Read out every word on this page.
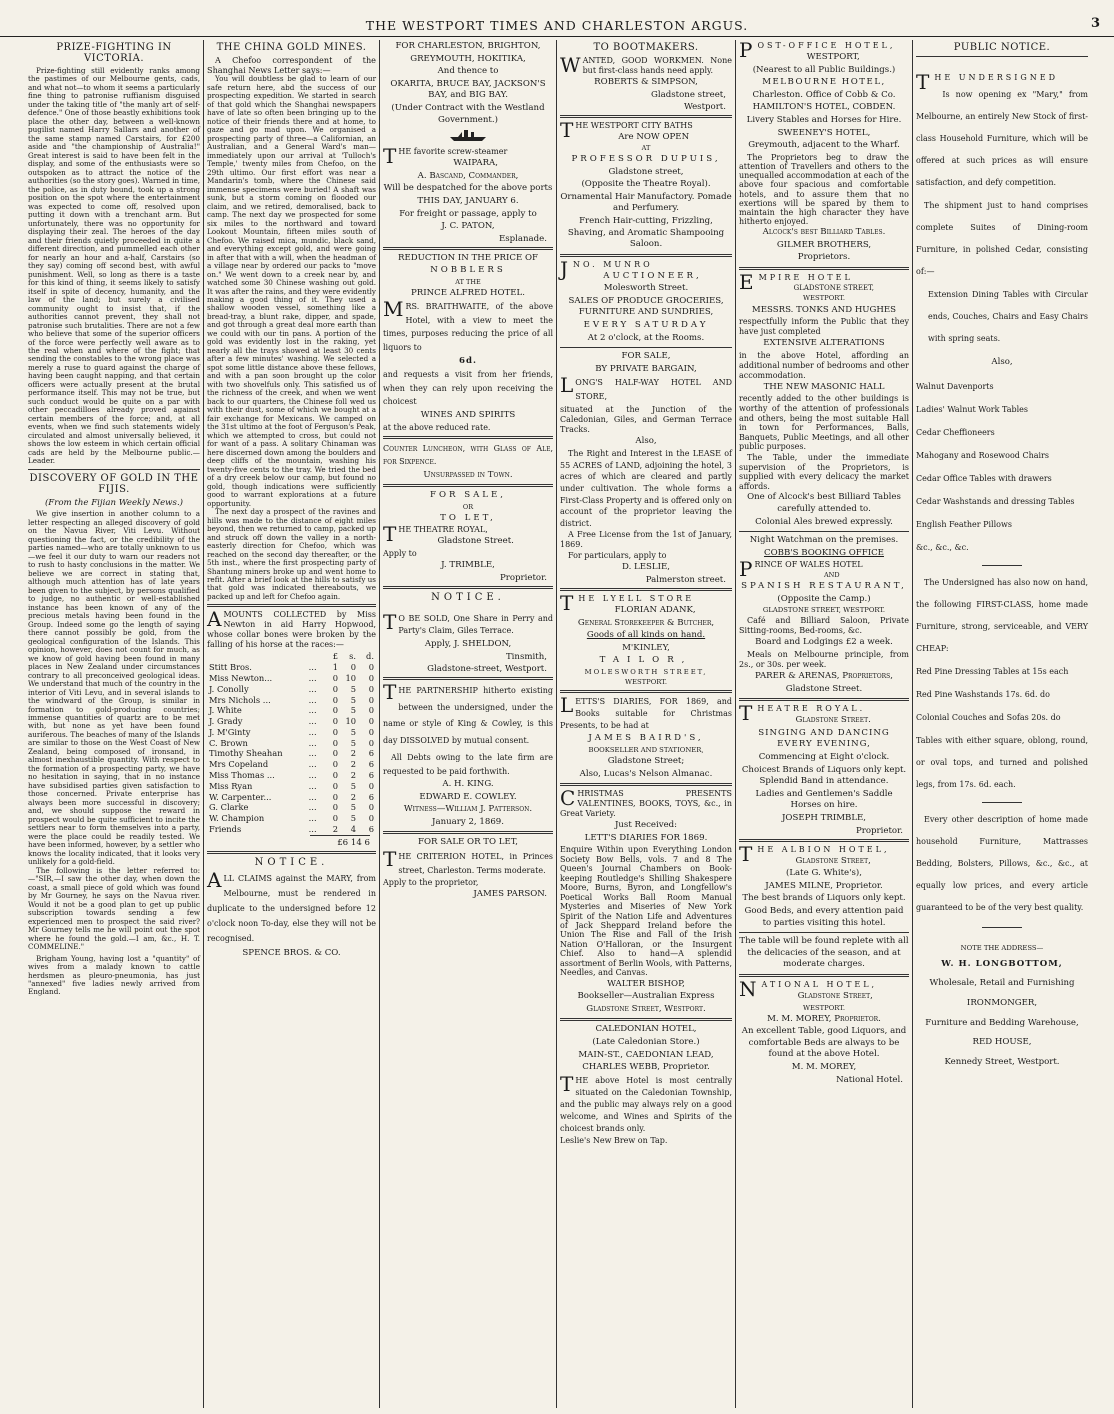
THE WESTPORT TIMES AND CHARLESTON ARGUS.	3
PRIZE-FIGHTING IN VICTORIA.

Prize-fighting still evidently ranks among the pastimes of our Melbourne gents, cads, and what not—to whom it seems a particularly fine thing to patronise ruffianism disguised under the taking title of "the manly art of self-defence." One of those beastly exhibitions took place the other day, between a well-known pugilist named Harry Sallars and another of the same stamp named Carstairs, for £200 aside and "the championship of Australia!" Great interest is said to have been felt in the display, and some of the enthusiasts were so outspoken as to attract the notice of the authorities (so the story goes). Warned in time, the police, as in duty bound, took up a strong position on the spot where the entertainment was expected to come off, resolved upon putting it down with a trenchant arm. But unfortunately, there was no opportunity for displaying their zeal. The heroes of the day and their friends quietly proceeded in quite a different direction, and pummelled each other for nearly an hour and a-half, Carstairs (so they say) coming off second best, with awful punishment. Well, so long as there is a taste for this kind of thing, it seems likely to satisfy itself in spite of decency, humanity, and the law of the land; but surely a civilised community ought to insist that, if the authorities cannot prevent, they shall not patronise such brutalities. There are not a few who believe that some of the superior officers of the force were perfectly well aware as to the real when and where of the fight; that sending the constables to the wrong place was merely a ruse to guard against the charge of having been caught napping, and that certain officers were actually present at the brutal performance itself. This may not be true, but such conduct would be quite on a par with other peccadilloes already proved against certain members of the force; and, at all events, when we find such statements widely circulated and almost universally believed, it shows the low esteem in which certain official cads are held by the Melbourne public.—Leader.

DISCOVERY OF GOLD IN THE FIJIS.
(From the Fijian Weekly News.)

We give insertion in another column to a letter respecting an alleged discovery of gold on the Navua River, Viti Levu. Without questioning the fact, or the credibility of the parties named—who are totally unknown to us—we feel it our duty to warn our readers not to rush to hasty conclusions in the matter. We believe we are correct in stating that, although much attention has of late years been given to the subject, by persons qualified to judge, no authentic or well-established instance has been known of any of the precious metals having been found in the Group. Indeed some go the length of saying there cannot possibly be gold, from the geological configuration of the Islands. This opinion, however, does not count for much, as we know of gold having been found in many places in New Zealand under circumstances contrary to all preconceived geological ideas. We understand that much of the country in the interior of Viti Levu, and in several islands to the windward of the Group, is similar in formation to gold-producing countries; immense quantities of quartz are to be met with, but none as yet have been found auriferous. The beaches of many of the Islands are similar to those on the West Coast of New Zealand, being composed of ironsand, in almost inexhaustible quantity. With respect to the formation of a prospecting party, we have no hesitation in saying, that in no instance have subsidised parties given satisfaction to those concerned. Private enterprise has always been more successful in discovery; and, we should suppose the reward in prospect would be quite sufficient to incite the settlers near to form themselves into a party, were the place could be readily tested. We have been informed, however, by a settler who knows the locality indicated, that it looks very unlikely for a gold-field.

The following is the letter referred to:—"SIR,—I saw the other day, when down the coast, a small piece of gold which was found by Mr Gourney, he says on the Navua river. Would it not be a good plan to get up public subscription towards sending a few experienced men to prospect the said river? Mr Gourney tells me he will point out the spot where he found the gold.—I am, &c., H. T. COMMELINE."

Brigham Young, having lost a "quantity" of wives from a malady known to cattle herdsmen as pleuro-pneumonia, has just "annexed" five ladies newly arrived from England.

THE CHINA GOLD MINES.

A Chefoo correspondent of the Shanghai News Letter says:—

You will doubtless be glad to learn of our safe return here, abd the success of our prospecting expedition. We started in search of that gold which the Shanghai newspapers have of late so often been bringing up to the notice of their friends there and at home, to gaze and go mad upon. We organised a prospecting party of three—a Californian, an Australian, and a General Ward's man—immediately upon our arrival at 'Tulloch's Temple,' twenty miles from Chefoo, on the 29th ultimo. Our first effort was near a Mandarin's tomb, where the Chinese said immense specimens were buried! A shaft was sunk, but a storm coming on flooded our claim, and we retired, demoralised, back to camp. The next day we prospected for some six miles to the northward and toward Lookout Mountain, fifteen miles south of Chefoo. We raised mica, mundic, black sand, and everything except gold, and were going in after that with a will, when the headman of a village near by ordered our packs to "move on." We went down to a creek near by, and watched some 30 Chinese washing out gold. It was after the rains, and they were evidently making a good thing of it. They used a shallow wooden vessel, something like a bread-tray, a blunt rake, dipper, and spade, and got through a great deal more earth than we could with our tin pans. A portion of the gold was evidently lost in the raking, yet nearly all the trays showed at least 30 cents after a few minutes' washing. We selected a spot some little distance above these fellows, and with a pan soon brought up the color with two shovelfuls only. This satisfied us of the richness of the creek, and when we went back to our quarters, the Chinese foll wed us with their dust, some of which we bought at a fair exchange for Mexicans. We camped on the 31st ultimo at the foot of Ferguson's Peak, which we attempted to cross, but could not for want of a pass. A solitary Chinaman was here discerned down among the boulders and deep cliffs of the mountain, washing his twenty-five cents to the tray. We tried the bed of a dry creek below our camp, but found no gold, though indications were sufficiently good to warrant explorations at a future opportunity.

The next day a prospect of the ravines and hills was made to the distance of eight miles beyond, then we returned to camp, packed up and struck off down the valley in a north-easterly direction for Chefoo, which was reached on the second day thereafter, or the 5th inst., where the first prospecting party of Shantung miners broke up and went home to refit. After a brief look at the hills to satisfy us that gold was indicated thereabouts, we packed up and left for Chefoo again.

AMOUNTS COLLECTED by Miss Newton in aid Harry Hopwood, whose collar bones were broken by the falling of his horse at the races:—

		£	s.	d.
Stitt Bros.	...	1	0	0
Miss Newton...	...	0	10	0
J. Conolly	...	0	5	0
Mrs Nichols ...	...	0	5	0
J. White	...	0	5	0
J. Grady	...	0	10	0
J. M'Ginty	...	0	5	0
C. Brown	...	0	5	0
Timothy Sheahan	...	0	2	6
Mrs Copeland	...	0	2	6
Miss Thomas ...	...	0	2	6
Miss Ryan	...	0	5	0
W. Carpenter...	...	0	2	6
G. Clarke	...	0	5	0
W. Champion	...	0	5	0
Friends	...	2	4	6
£6 14 6
NOTICE.

ALL CLAIMS against the MARY, from Melbourne, must be rendered in duplicate to the undersigned before 12 o'clock noon To-day, else they will not be recognised.

SPENCE BROS. & CO.
FOR CHARLESTON, BRIGHTON,
GREYMOUTH, HOKITIKA,
And thence to
OKARITA, BRUCE BAY, JACKSON'S BAY, and BIG BAY.
(Under Contract with the Westland Government.)

THE favorite screw-steamer

WAIPARA,
A. Bascand, Commander,
Will be despatched for the above ports
THIS DAY, JANUARY 6.
For freight or passage, apply to
J. C. PATON,
Esplanade.
REDUCTION IN THE PRICE OF
NOBBLERS
AT THE
PRINCE ALFRED HOTEL.

MRS. BRAITHWAITE, of the above Hotel, with a view to meet the times, purposes reducing the price of all liquors to

6d.

and requests a visit from her friends, when they can rely upon receiving the choicest

WINES AND SPIRITS
at the above reduced rate.

Counter Luncheon, with Glass of Ale, for Sixpence.

Unsurpassed in Town.
FOR SALE,
OR
TO LET,

THE THEATRE ROYAL,

Gladstone Street.
Apply to
J. TRIMBLE,
Proprietor.
NOTICE.

TO BE SOLD, One Share in Perry and Party's Claim, Giles Terrace.

Apply, J. SHELDON,
Tinsmith,
Gladstone-street, Westport.

THE PARTNERSHIP hitherto existing between the undersigned, under the name or style of King & Cowley, is this day DISSOLVED by mutual consent.

All Debts owing to the late firm are requested to be paid forthwith.

A. H. KING.
EDWARD E. COWLEY.
Witness—William J. Patterson.
January 2, 1869.
FOR SALE OR TO LET,

THE CRITERION HOTEL, in Princes street, Charleston. Terms moderate.

Apply to the proprietor,
JAMES PARSON.
TO BOOTMAKERS.

WANTED, GOOD WORKMEN. None but first-class hands need apply.

ROBERTS & SIMPSON,
Gladstone street,
Westport.

THE WESTPORT CITY BATHS

Are NOW OPEN
AT
PROFESSOR DUPUIS,
Gladstone street,
(Opposite the Theatre Royal).
Ornamental Hair Manufactory. Pomade and Perfumery.
French Hair-cutting, Frizzling, Shaving, and Aromatic Shampooing Saloon.

JNO. MUNRO

AUCTIONEER,
Molesworth Street.
SALES OF PRODUCE GROCERIES, FURNITURE AND SUNDRIES,
EVERY SATURDAY
At 2 o'clock, at the Rooms.
FOR SALE,
BY PRIVATE BARGAIN,

LONG'S HALF-WAY HOTEL AND STORE,

situated at the Junction of the Caledonian, Giles, and German Terrace Tracks.

Also,

The Right and Interest in the LEASE of 55 ACRES of LAND, adjoining the hotel, 3 acres of which are cleared and partly under cultivation. The whole forms a First-Class Property and is offered only on account of the proprietor leaving the district.

A Free License from the 1st of January, 1869.

For particulars, apply to
D. LESLIE,
Palmerston street.

THE LYELL STORE

FLORIAN ADANK,
General Storekeeper & Butcher,
Goods of all kinds on hand.
M'KINLEY,
TAILOR,
MOLESWORTH STREET,
WESTPORT.

LETTS'S DIARIES, FOR 1869, and Books suitable for Christmas Presents, to be had at

JAMES BAIRD'S,
BOOKSELLER AND STATIONER,
Gladstone Street;
Also, Lucas's Nelson Almanac.

CHRISTMAS PRESENTS VALENTINES, BOOKS, TOYS, &c., in Great Variety.

Just Received:
LETT'S DIARIES FOR 1869.

Enquire Within upon Everything London Society Bow Bells, vols. 7 and 8 The Queen's Journal Chambers on Book-keeping Routledge's Shilling Shakespere Moore, Burns, Byron, and Longfellow's Poetical Works Ball Room Manual Mysteries and Miseries of New York Spirit of the Nation Life and Adventures of Jack Sheppard Ireland before the Union The Rise and Fall of the Irish Nation O'Halloran, or the Insurgent Chief. Also to hand—A splendid assortment of Berlin Wools, with Patterns, Needles, and Canvas.

WALTER BISHOP,
Bookseller—Australian Express
Gladstone Street, Westport.
CALEDONIAN HOTEL,
(Late Caledonian Store.)
MAIN-ST., CAEDONIAN LEAD,
CHARLES WEBB, Proprietor.

THE above Hotel is most centrally situated on the Caledonian Township, and the public may always rely on a good welcome, and Wines and Spirits of the choicest brands only.

Leslie's New Brew on Tap.

POST-OFFICE HOTEL,

WESTPORT,
(Nearest to all Public Buildings.)
MELBOURNE HOTEL,
Charleston. Office of Cobb & Co.
HAMILTON'S HOTEL, COBDEN.
Livery Stables and Horses for Hire.
SWEENEY'S HOTEL,
Greymouth, adjacent to the Wharf.

The Proprietors beg to draw the attention of Travellers and others to the unequalled accommodation at each of the above four spacious and comfortable hotels, and to assure them that no exertions will be spared by them to maintain the high character they have hitherto enjoyed.

Alcock's best Billiard Tables.
GILMER BROTHERS,
Proprietors.

EMPIRE HOTEL

GLADSTONE STREET,
WESTPORT.
MESSRS. TONKS AND HUGHES

respectfully inform the Public that they have just completed

EXTENSIVE ALTERATIONS

in the above Hotel, affording an additional number of bedrooms and other accommodation.

THE NEW MASONIC HALL

recently added to the other buildings is worthy of the attention of professionals and others, being the most suitable Hall in town for Performances, Balls, Banquets, Public Meetings, and all other public purposes.

The Table, under the immediate supervision of the Proprietors, is supplied with every delicacy the market affords.

One of Alcock's best Billiard Tables carefully attended to.
Colonial Ales brewed expressly.
Night Watchman on the premises.
COBB'S BOOKING OFFICE

PRINCE OF WALES HOTEL

AND
SPANISH RESTAURANT,
(Opposite the Camp.)
GLADSTONE STREET, WESTPORT.

Café and Billiard Saloon, Private Sitting-rooms, Bed-rooms, &c.

Board and Lodgings £2 a week.

Meals on Melbourne principle, from 2s., or 30s. per week.

PARER & ARENAS, Proprietors,
Gladstone Street.

THEATRE ROYAL.

Gladstone Street.
SINGING AND DANCING EVERY EVENING,
Commencing at Eight o'clock.
Choicest Brands of Liquors only kept. Splendid Band in attendance.
Ladies and Gentlemen's Saddle Horses on hire.
JOSEPH TRIMBLE,
Proprietor.

THE ALBION HOTEL,

Gladstone Street,
(Late G. White's),
JAMES MILNE, Proprietor.
The best brands of Liquors only kept.
Good Beds, and every attention paid to parties visiting this hotel.
The table will be found replete with all the delicacies of the season, and at moderate charges.

NATIONAL HOTEL,

Gladstone Street,
WESTPORT.
M. M. MOREY, Proprietor.
An excellent Table, good Liquors, and comfortable Beds are always to be found at the above Hotel.
M. M. MOREY,
National Hotel.
PUBLIC NOTICE.

THE UNDERSIGNED

Is now opening ex "Mary," from Melbourne, an entirely New Stock of first-class Household Furniture, which will be offered at such prices as will ensure satisfaction, and defy competition.

The shipment just to hand comprises complete Suites of Dining-room Furniture, in polished Cedar, consisting of:—

Extension Dining Tables with Circular ends, Couches, Chairs and Easy Chairs with spring seats.

Also,
Walnut Davenports
Ladies' Walnut Work Tables
Cedar Cheffioneers
Mahogany and Rosewood Chairs
Cedar Office Tables with drawers
Cedar Washstands and dressing Tables
English Feather Pillows
&c., &c., &c.

The Undersigned has also now on hand, the following FIRST-CLASS, home made Furniture, strong, serviceable, and VERY CHEAP:

Red Pine Dressing Tables at 15s each
Red Pine Washstands 17s. 6d. do
Colonial Couches and Sofas 20s. do

Tables with either square, oblong, round, or oval tops, and turned and polished legs, from 17s. 6d. each.

Every other description of home made household Furniture, Mattrasses Bedding, Bolsters, Pillows, &c., &c., at equally low prices, and every article guaranteed to be of the very best quality.

NOTE THE ADDRESS—
W. H. LONGBOTTOM,
Wholesale, Retail and Furnishing
IRONMONGER,
Furniture and Bedding Warehouse,
RED HOUSE,
Kennedy Street, Westport.
